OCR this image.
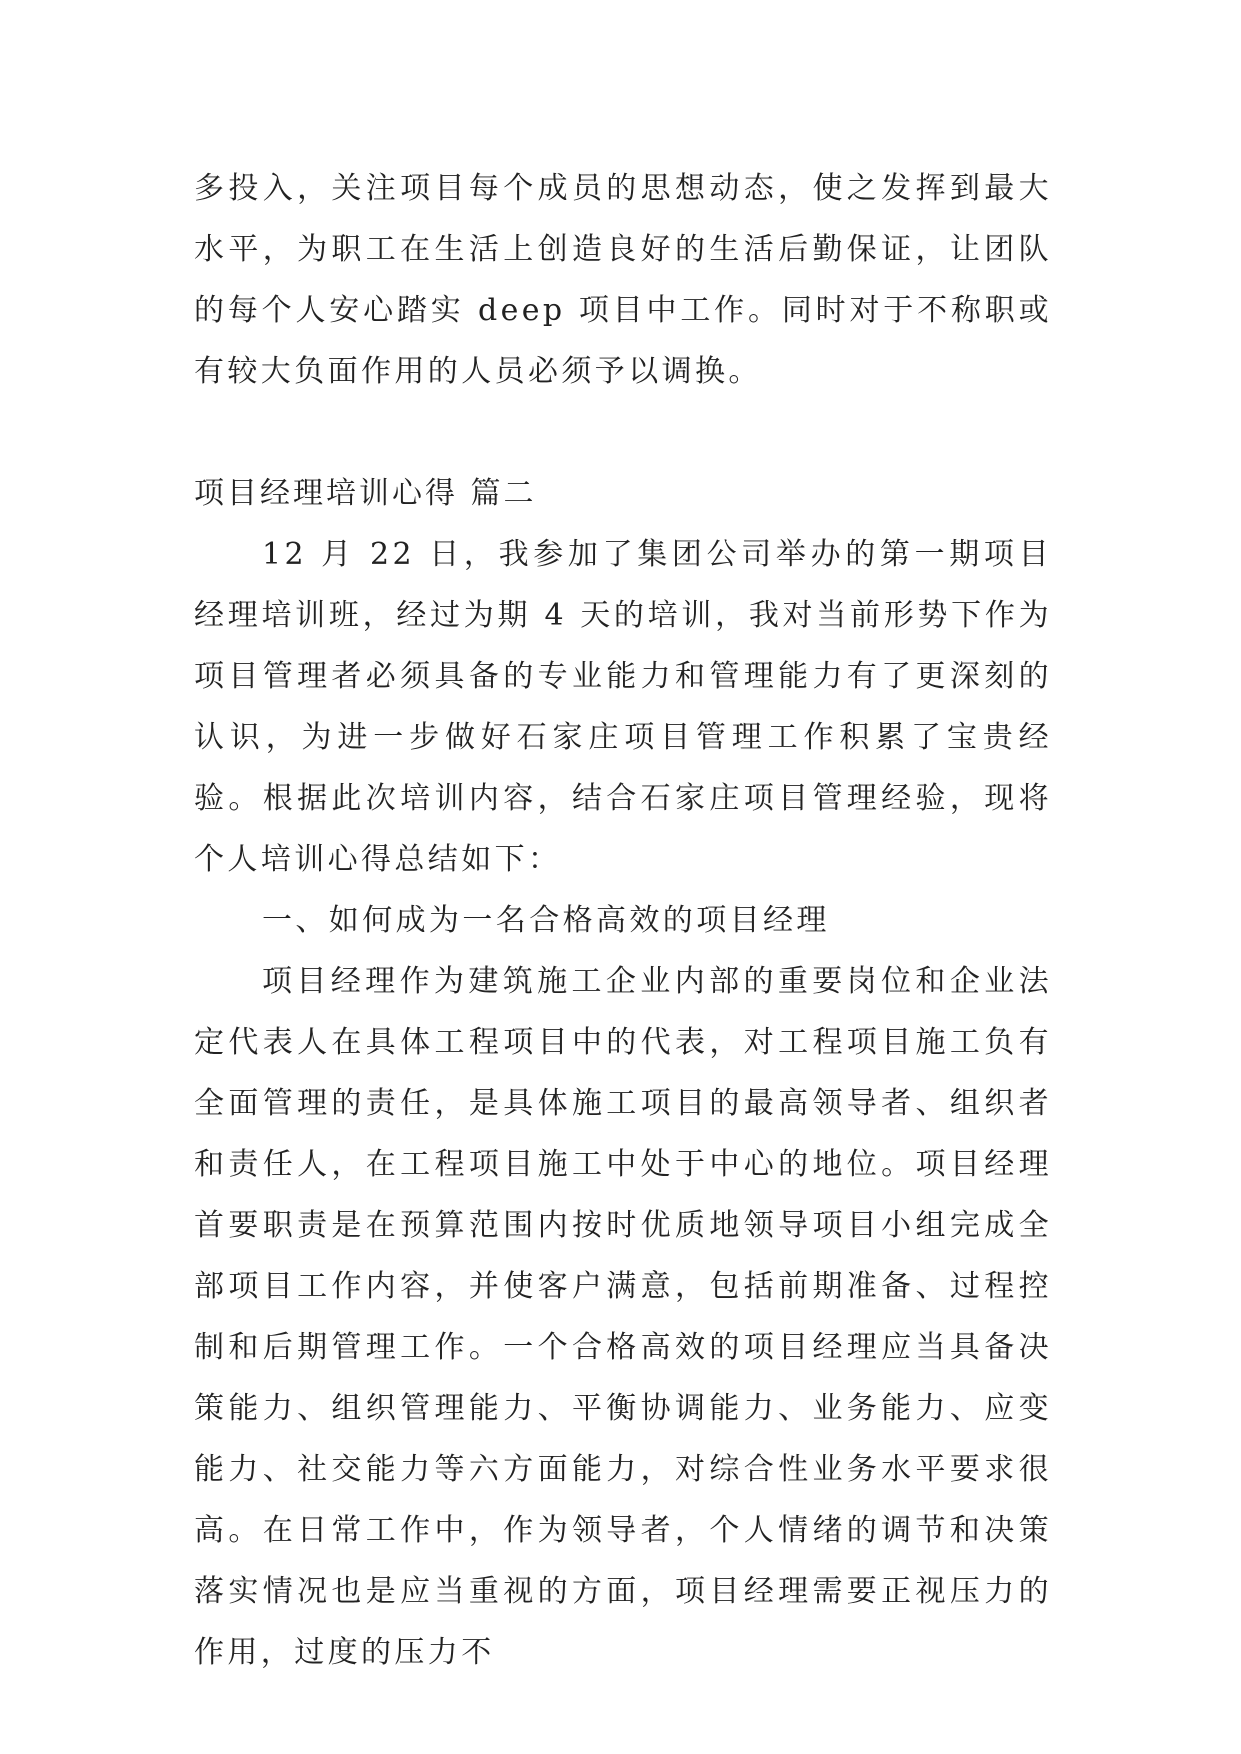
多投入，关注项目每个成员的思想动态，使之发挥到最大水平，为职工在生活上创造良好的生活后勤保证，让团队的每个人安心踏实 deep 项目中工作。同时对于不称职或有较大负面作用的人员必须予以调换。

项目经理培训心得 篇二

12 月 22 日，我参加了集团公司举办的第一期项目经理培训班，经过为期 4 天的培训，我对当前形势下作为项目管理者必须具备的专业能力和管理能力有了更深刻的认识，为进一步做好石家庄项目管理工作积累了宝贵经验。根据此次培训内容，结合石家庄项目管理经验，现将个人培训心得总结如下：

一、如何成为一名合格高效的项目经理

项目经理作为建筑施工企业内部的重要岗位和企业法定代表人在具体工程项目中的代表，对工程项目施工负有全面管理的责任，是具体施工项目的最高领导者、组织者和责任人，在工程项目施工中处于中心的地位。项目经理首要职责是在预算范围内按时优质地领导项目小组完成全部项目工作内容，并使客户满意，包括前期准备、过程控制和后期管理工作。一个合格高效的项目经理应当具备决策能力、组织管理能力、平衡协调能力、业务能力、应变能力、社交能力等六方面能力，对综合性业务水平要求很高。在日常工作中，作为领导者，个人情绪的调节和决策落实情况也是应当重视的方面，项目经理需要正视压力的作用，过度的压力不
